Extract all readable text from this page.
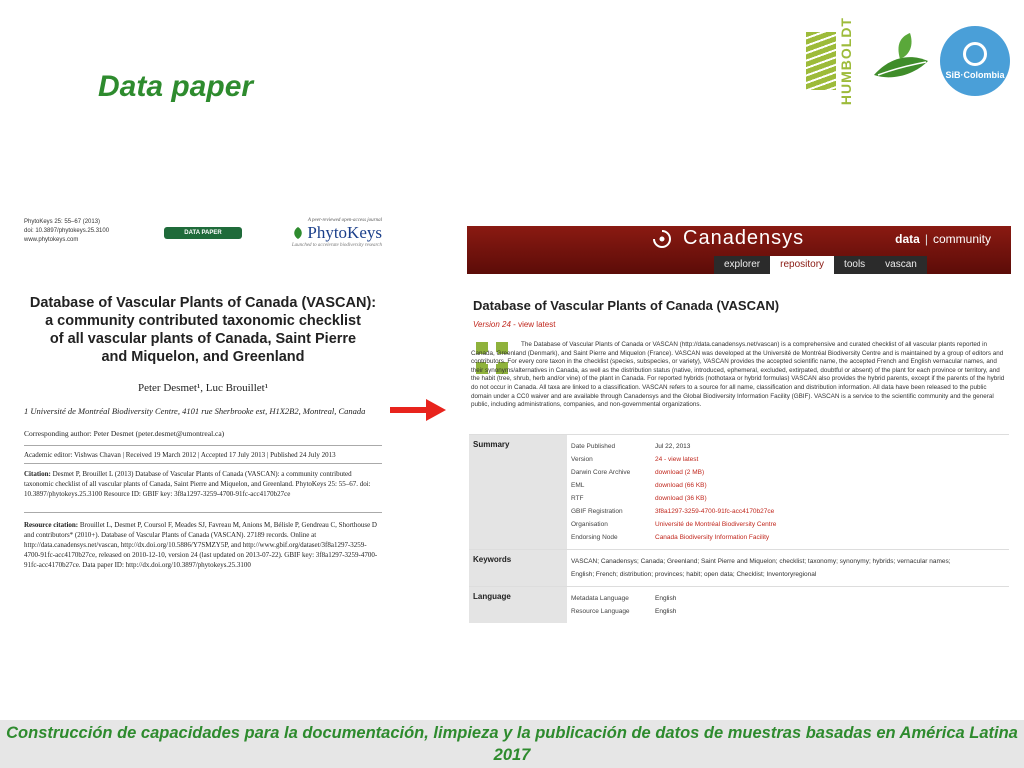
Data paper	HUMBOLDT	SiB·Colombia
PhytoKeys 25: 55–67 (2013)
doi: 10.3897/phytokeys.25.3100
www.phytokeys.com
DATA PAPER
A peer-reviewed open-access journal
PhytoKeys
Launched to accelerate biodiversity research
Database of Vascular Plants of Canada (VASCAN):
a community contributed taxonomic checklist
of all vascular plants of Canada, Saint Pierre
and Miquelon, and Greenland
Peter Desmet¹, Luc Brouillet¹
1 Université de Montréal Biodiversity Centre, 4101 rue Sherbrooke est, H1X2B2, Montreal, Canada
Corresponding author: Peter Desmet (peter.desmet@umontreal.ca)
Academic editor: Vishwas Chavan | Received 19 March 2012 | Accepted 17 July 2013 | Published 24 July 2013
Citation: Desmet P, Brouillet L (2013) Database of Vascular Plants of Canada (VASCAN): a community contributed taxonomic checklist of all vascular plants of Canada, Saint Pierre and Miquelon, and Greenland. PhytoKeys 25: 55–67. doi: 10.3897/phytokeys.25.3100 Resource ID: GBIF key: 3f8a1297-3259-4700-91fc-acc4170b27ce
Resource citation: Brouillet L, Desmet P, Coursol F, Meades SJ, Favreau M, Anions M, Bélisle P, Gendreau C, Shorthouse D and contributors* (2010+). Database of Vascular Plants of Canada (VASCAN). 27189 records. Online at http://data.canadensys.net/vascan, http://dx.doi.org/10.5886/Y7SMZY5P, and http://www.gbif.org/dataset/3f8a1297-3259-4700-91fc-acc4170b27ce, released on 2010-12-10, version 24 (last updated on 2013-07-22). GBIF key: 3f8a1297-3259-4700-91fc-acc4170b27ce. Data paper ID: http://dx.doi.org/10.3897/phytokeys.25.3100
Canadensys	data | community
explorer	repository	tools	vascan
Database of Vascular Plants of Canada (VASCAN)
Version 24 - view latest
The Database of Vascular Plants of Canada or VASCAN (http://data.canadensys.net/vascan) is a comprehensive and curated checklist of all vascular plants reported in Canada, Greenland (Denmark), and Saint Pierre and Miquelon (France). VASCAN was developed at the Université de Montréal Biodiversity Centre and is maintained by a group of editors and contributors. For every core taxon in the checklist (species, subspecies, or variety), VASCAN provides the accepted scientific name, the accepted French and English vernacular names, and their synonyms/alternatives in Canada, as well as the distribution status (native, introduced, ephemeral, excluded, extirpated, doubtful or absent) of the plant for each province or territory, and the habit (tree, shrub, herb and/or vine) of the plant in Canada. For reported hybrids (nothotaxa or hybrid formulas) VASCAN also provides the hybrid parents, except if the parents of the hybrid do not occur in Canada. All taxa are linked to a classification. VASCAN refers to a source for all name, classification and distribution information. All data have been released to the public domain under a CC0 waiver and are available through Canadensys and the Global Biodiversity Information Facility (GBIF). VASCAN is a service to the scientific community and the general public, including administrations, companies, and non-governmental organizations.
Summary	Date Published	Jul 22, 2013
Version	24 - view latest
Darwin Core Archive	download (2 MB)
EML	download (66 KB)
RTF	download (36 KB)
GBIF Registration	3f8a1297-3259-4700-91fc-acc4170b27ce
Organisation	Université de Montréal Biodiversity Centre
Endorsing Node	Canada Biodiversity Information Facility
Keywords	VASCAN; Canadensys; Canada; Greenland; Saint Pierre and Miquelon; checklist; taxonomy; synonymy; hybrids; vernacular names;
English; French; distribution; provinces; habit; open data; Checklist; Inventoryregional
Language	Metadata Language	English
Resource Language	English
Construcción de capacidades para la documentación, limpieza y la publicación de datos de muestras basadas en América Latina 2017
